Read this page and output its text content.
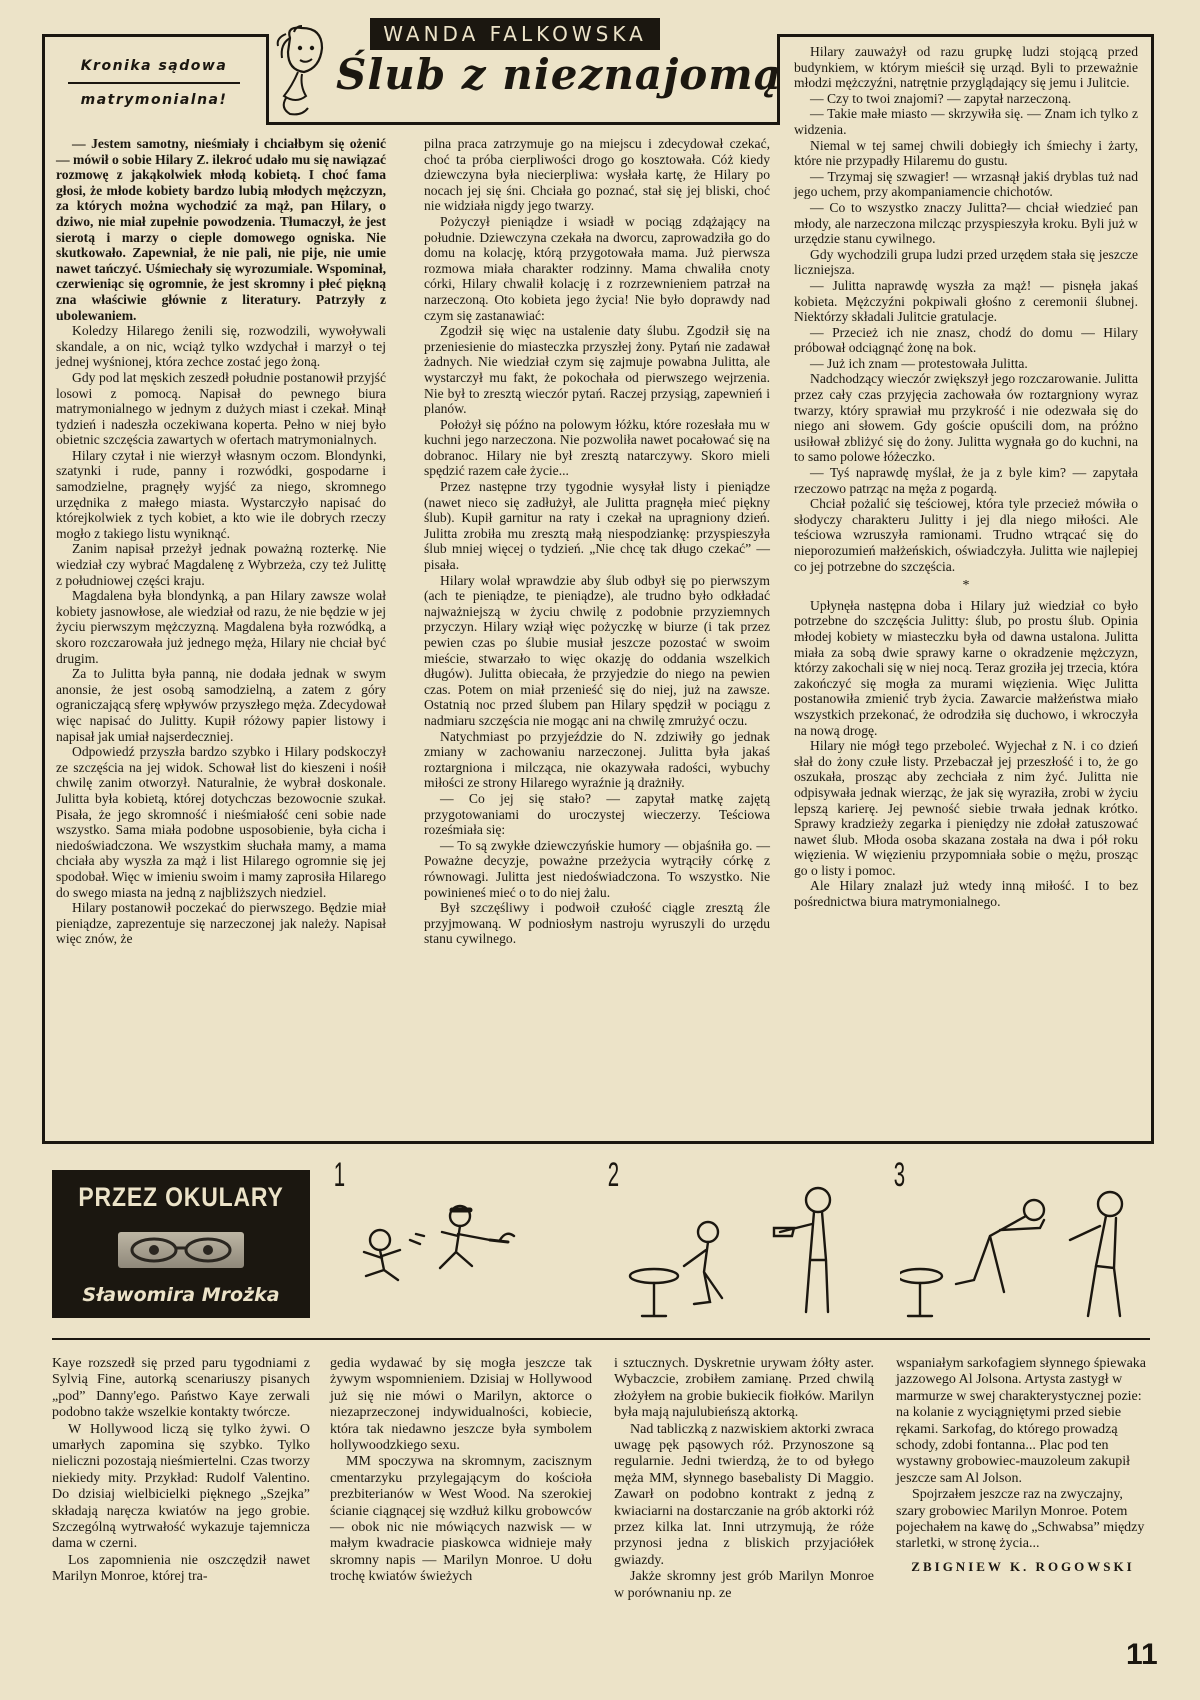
Kronika sądowa
matrymonialna!
WANDA FALKOWSKA
Ślub z nieznajomą

— Jestem samotny, nieśmiały i chciałbym się ożenić — mówił o sobie Hilary Z. ilekroć udało mu się nawiązać rozmowę z jakąkolwiek młodą kobietą. I choć fama głosi, że młode kobiety bardzo lubią młodych mężczyzn, za których można wychodzić za mąż, pan Hilary, o dziwo, nie miał zupełnie powodzenia. Tłumaczył, że jest sierotą i marzy o cieple domowego ogniska. Nie skutkowało. Zapewniał, że nie pali, nie pije, nie umie nawet tańczyć. Uśmiechały się wyrozumiale. Wspominał, czerwieniąc się ogromnie, że jest skromny i płeć piękną zna właściwie głównie z literatury. Patrzyły z ubolewaniem.

Koledzy Hilarego żenili się, rozwodzili, wywoływali skandale, a on nic, wciąż tylko wzdychał i marzył o tej jednej wyśnionej, która zechce zostać jego żoną.

Gdy pod lat męskich zeszedł południe postanowił przyjść losowi z pomocą. Napisał do pewnego biura matrymonialnego w jednym z dużych miast i czekał. Minął tydzień i nadeszła oczekiwana koperta. Pełno w niej było obietnic szczęścia zawartych w ofertach matrymonialnych.

Hilary czytał i nie wierzył własnym oczom. Blondynki, szatynki i rude, panny i rozwódki, gospodarne i samodzielne, pragnęły wyjść za niego, skromnego urzędnika z małego miasta. Wystarczyło napisać do którejkolwiek z tych kobiet, a kto wie ile dobrych rzeczy mogło z takiego listu wyniknąć.

Zanim napisał przeżył jednak poważną rozterkę. Nie wiedział czy wybrać Magdalenę z Wybrzeża, czy też Julittę z południowej części kraju.

Magdalena była blondynką, a pan Hilary zawsze wolał kobiety jasnowłose, ale wiedział od razu, że nie będzie w jej życiu pierwszym mężczyzną. Magdalena była rozwódką, a skoro rozczarowała już jednego męża, Hilary nie chciał być drugim.

Za to Julitta była panną, nie dodała jednak w swym anonsie, że jest osobą samodzielną, a zatem z góry ograniczającą sferę wpływów przyszłego męża. Zdecydował więc napisać do Julitty. Kupił różowy papier listowy i napisał jak umiał najserdeczniej.

Odpowiedź przyszła bardzo szybko i Hilary podskoczył ze szczęścia na jej widok. Schował list do kieszeni i nośił chwilę zanim otworzył. Naturalnie, że wybrał doskonale. Julitta była kobietą, której dotychczas bezowocnie szukał. Pisała, że jego skromność i nieśmiałość ceni sobie nade wszystko. Sama miała podobne usposobienie, była cicha i niedoświadczona. We wszystkim słuchała mamy, a mama chciała aby wyszła za mąż i list Hilarego ogromnie się jej spodobał. Więc w imieniu swoim i mamy zaprosiła Hilarego do swego miasta na jedną z najbliższych niedziel.

Hilary postanowił poczekać do pierwszego. Będzie miał pieniądze, zaprezentuje się narzeczonej jak należy. Napisał więc znów, że

pilna praca zatrzymuje go na miejscu i zdecydował czekać, choć ta próba cierpliwości drogo go kosztowała. Cóż kiedy dziewczyna była niecierpliwa: wysłała kartę, że Hilary po nocach jej się śni. Chciała go poznać, stał się jej bliski, choć nie widziała nigdy jego twarzy.

Pożyczył pieniądze i wsiadł w pociąg zdążający na południe. Dziewczyna czekała na dworcu, zaprowadziła go do domu na kolację, którą przygotowała mama. Już pierwsza rozmowa miała charakter rodzinny. Mama chwaliła cnoty córki, Hilary chwalił kolację i z rozrzewnieniem patrzał na narzeczoną. Oto kobieta jego życia! Nie było doprawdy nad czym się zastanawiać:

Zgodził się więc na ustalenie daty ślubu. Zgodził się na przeniesienie do miasteczka przyszłej żony. Pytań nie zadawał żadnych. Nie wiedział czym się zajmuje powabna Julitta, ale wystarczył mu fakt, że pokochała od pierwszego wejrzenia. Nie był to zresztą wieczór pytań. Raczej przysiąg, zapewnień i planów.

Położył się późno na polowym łóżku, które rozesłała mu w kuchni jego narzeczona. Nie pozwoliła nawet pocałować się na dobranoc. Hilary nie był zresztą natarczywy. Skoro mieli spędzić razem całe życie...

Przez następne trzy tygodnie wysyłał listy i pieniądze (nawet nieco się zadłużył, ale Julitta pragnęła mieć piękny ślub). Kupił garnitur na raty i czekał na upragniony dzień. Julitta zrobiła mu zresztą małą niespodziankę: przyspieszyła ślub mniej więcej o tydzień. „Nie chcę tak długo czekać” — pisała.

Hilary wolał wprawdzie aby ślub odbył się po pierwszym (ach te pieniądze, te pieniądze), ale trudno było odkładać najważniejszą w życiu chwilę z podobnie przyziemnych przyczyn. Hilary wziął więc pożyczkę w biurze (i tak przez pewien czas po ślubie musiał jeszcze pozostać w swoim mieście, stwarzało to więc okazję do oddania wszelkich długów). Julitta obiecała, że przyjedzie do niego na pewien czas. Potem on miał przenieść się do niej, już na zawsze. Ostatnią noc przed ślubem pan Hilary spędził w pociągu z nadmiaru szczęścia nie mogąc ani na chwilę zmrużyć oczu.

Natychmiast po przyjeździe do N. zdziwiły go jednak zmiany w zachowaniu narzeczonej. Julitta była jakaś roztargniona i milcząca, nie okazywała radości, wybuchy miłości ze strony Hilarego wyraźnie ją drażniły.

— Co jej się stało? — zapytał matkę zajętą przygotowaniami do uroczystej wieczerzy. Teściowa roześmiała się:

— To są zwykłe dziewczyńskie humory — objaśniła go. — Poważne decyzje, poważne przeżycia wytrąciły córkę z równowagi. Julitta jest niedoświadczona. To wszystko. Nie powinieneś mieć o to do niej żalu.

Był szczęśliwy i podwoił czułość ciągle zresztą źle przyjmowaną. W podniosłym nastroju wyruszyli do urzędu stanu cywilnego.

Hilary zauważył od razu grupkę ludzi stojącą przed budynkiem, w którym mieścił się urząd. Byli to przeważnie młodzi mężczyźni, natrętnie przyglądający się jemu i Julitcie.

— Czy to twoi znajomi? — zapytał narzeczoną.

— Takie małe miasto — skrzywiła się. — Znam ich tylko z widzenia.

Niemal w tej samej chwili dobiegły ich śmiechy i żarty, które nie przypadły Hilaremu do gustu.

— Trzymaj się szwagier! — wrzasnął jakiś dryblas tuż nad jego uchem, przy akompaniamencie chichotów.

— Co to wszystko znaczy Julitta?— chciał wiedzieć pan młody, ale narzeczona milcząc przyspieszyła kroku. Byli już w urzędzie stanu cywilnego.

Gdy wychodzili grupa ludzi przed urzędem stała się jeszcze liczniejsza.

— Julitta naprawdę wyszła za mąż! — pisnęła jakaś kobieta. Mężczyźni pokpiwali głośno z ceremonii ślubnej. Niektórzy składali Julitcie gratulacje.

— Przecież ich nie znasz, chodź do domu — Hilary próbował odciągnąć żonę na bok.

— Już ich znam — protestowała Julitta.

Nadchodzący wieczór zwiększył jego rozczarowanie. Julitta przez cały czas przyjęcia zachowała ów roztargniony wyraz twarzy, który sprawiał mu przykrość i nie odezwała się do niego ani słowem. Gdy goście opuścili dom, na próżno usiłował zbliżyć się do żony. Julitta wygnała go do kuchni, na to samo polowe łóżeczko.

— Tyś naprawdę myślał, że ja z byle kim? — zapytała rzeczowo patrząc na męża z pogardą.

Chciał pożalić się teściowej, która tyle przecież mówiła o słodyczy charakteru Julitty i jej dla niego miłości. Ale teściowa wzruszyła ramionami. Trudno wtrącać się do nieporozumień małżeńskich, oświadczyła. Julitta wie najlepiej co jej potrzebne do szczęścia.

*

Upłynęła następna doba i Hilary już wiedział co było potrzebne do szczęścia Julitty: ślub, po prostu ślub. Opinia młodej kobiety w miasteczku była od dawna ustalona. Julitta miała za sobą dwie sprawy karne o okradzenie mężczyzn, którzy zakochali się w niej nocą. Teraz groziła jej trzecia, która zakończyć się mogła za murami więzienia. Więc Julitta postanowiła zmienić tryb życia. Zawarcie małżeństwa miało wszystkich przekonać, że odrodziła się duchowo, i wkroczyła na nową drogę.

Hilary nie mógł tego przeboleć. Wyjechał z N. i co dzień słał do żony czułe listy. Przebaczał jej przeszłość i to, że go oszukała, prosząc aby zechciała z nim żyć. Julitta nie odpisywała jednak wierząc, że jak się wyraziła, zrobi w życiu lepszą karierę. Jej pewność siebie trwała jednak krótko. Sprawy kradzieży zegarka i pieniędzy nie zdołał zatuszować nawet ślub. Młoda osoba skazana została na dwa i pół roku więzienia. W więzieniu przypomniała sobie o mężu, prosząc go o listy i pomoc.

Ale Hilary znalazł już wtedy inną miłość. I to bez pośrednictwa biura matrymonialnego.

PRZEZ OKULARY
Sławomira Mrożka
1	2	3

Kaye rozszedł się przed paru tygodniami z Sylvią Fine, autorką scenariuszy pisanych „pod” Danny'ego. Państwo Kaye zerwali podobno także wszelkie kontakty twórcze.

W Hollywood liczą się tylko żywi. O umarłych zapomina się szybko. Tylko nieliczni pozostają nieśmiertelni. Czas tworzy niekiedy mity. Przykład: Rudolf Valentino. Do dzisiaj wielbicielki pięknego „Szejka” składają naręcza kwiatów na jego grobie. Szczególną wytrwałość wykazuje tajemnicza dama w czerni.

Los zapomnienia nie oszczędził nawet Marilyn Monroe, której tra-

gedia wydawać by się mogła jeszcze tak żywym wspomnieniem. Dzisiaj w Hollywood już się nie mówi o Marilyn, aktorce o niezaprzeczonej indywidualności, kobiecie, która tak niedawno jeszcze była symbolem hollywoodzkiego sexu.

MM spoczywa na skromnym, zacisznym cmentarzyku przylegającym do kościoła prezbiterianów w West Wood. Na szerokiej ścianie ciągnącej się wzdłuż kilku grobowców — obok nic nie mówiących nazwisk — w małym kwadracie piaskowca widnieje mały skromny napis — Marilyn Monroe. U dołu trochę kwiatów świeżych

i sztucznych. Dyskretnie urywam żółty aster. Wybaczcie, zrobiłem zamianę. Przed chwilą złożyłem na grobie bukiecik fiołków. Marilyn była mają najulubieńszą aktorką.

Nad tabliczką z nazwiskiem aktorki zwraca uwagę pęk pąsowych róż. Przynoszone są regularnie. Jedni twierdzą, że to od byłego męża MM, słynnego basebalisty Di Maggio. Zawarł on podobno kontrakt z jedną z kwiaciarni na dostarczanie na grób aktorki róż przez kilka lat. Inni utrzymują, że róże przynosi jedna z bliskich przyjaciółek gwiazdy.

Jakże skromny jest grób Marilyn Monroe w porównaniu np. ze

wspaniałym sarkofagiem słynnego śpiewaka jazzowego Al Jolsona. Artysta zastygł w marmurze w swej charakterystycznej pozie: na kolanie z wyciągniętymi przed siebie rękami. Sarkofag, do którego prowadzą schody, zdobi fontanna... Plac pod ten wystawny grobowiec-mauzoleum zakupił jeszcze sam Al Jolson.

Spojrzałem jeszcze raz na zwyczajny, szary grobowiec Marilyn Monroe. Potem pojechałem na kawę do „Schwabsa” między starletki, w stronę życia...

ZBIGNIEW K. ROGOWSKI
11
